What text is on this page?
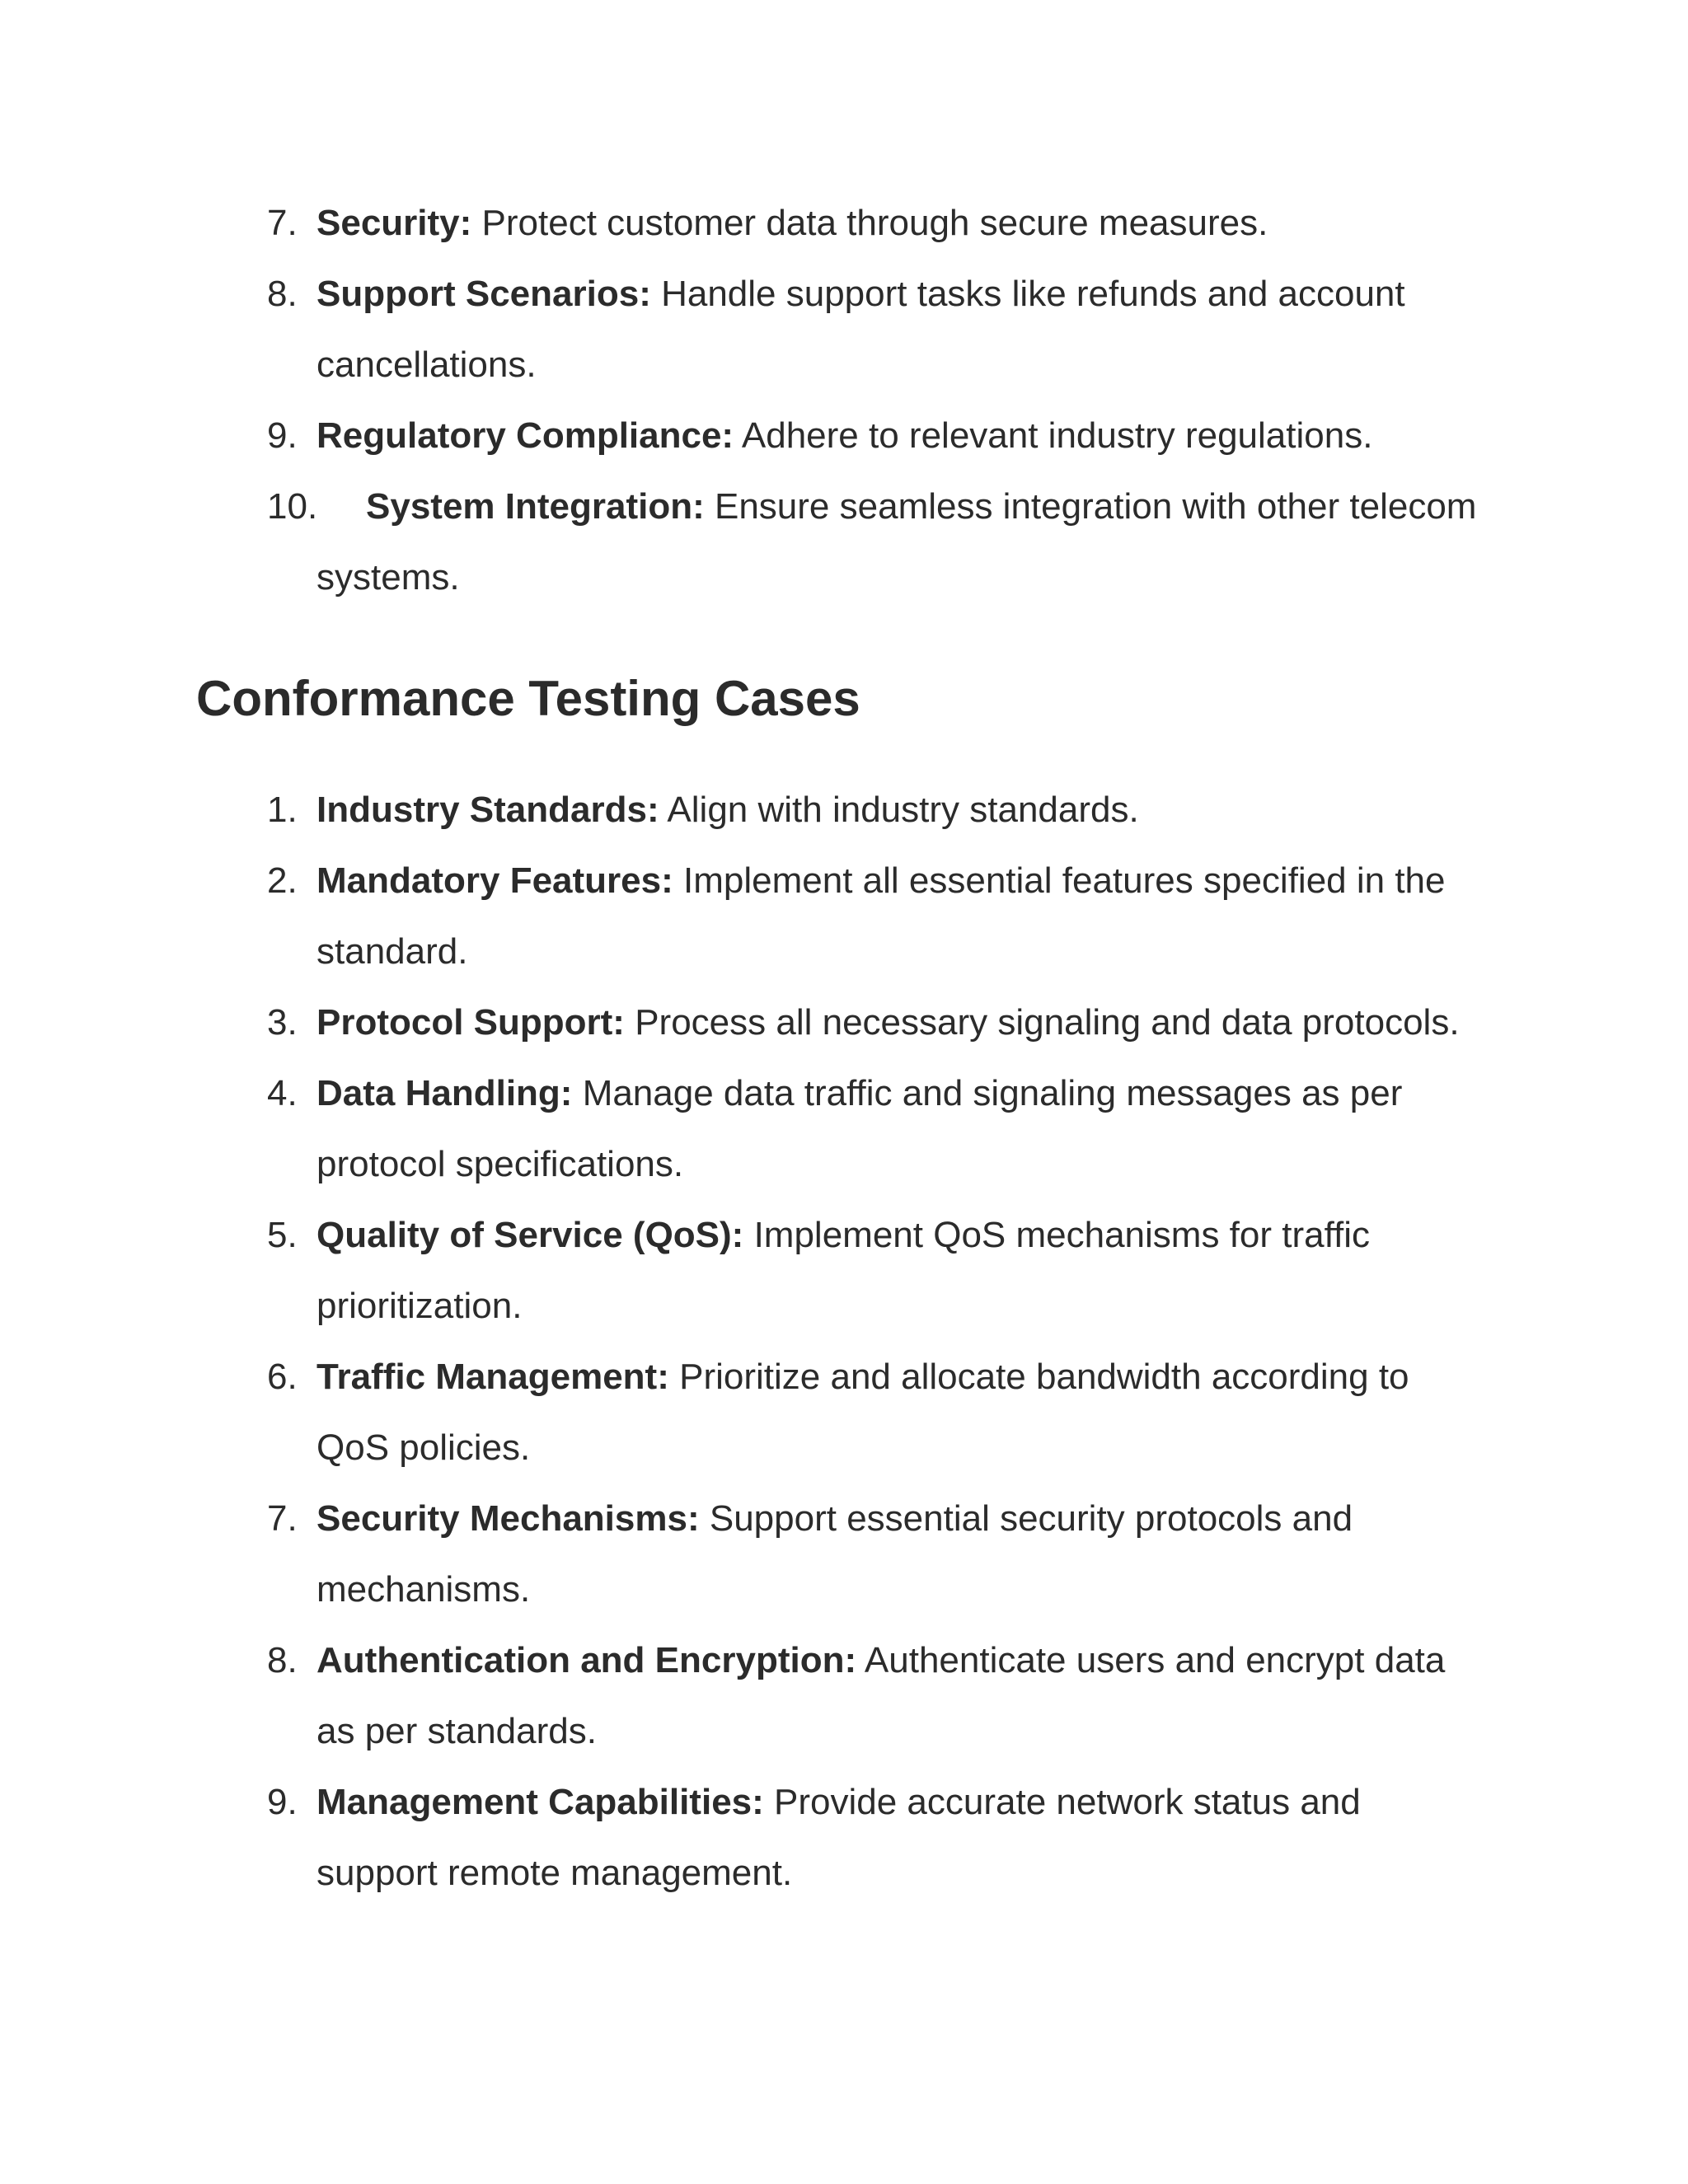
7. Security: Protect customer data through secure measures.
8. Support Scenarios: Handle support tasks like refunds and account cancellations.
9. Regulatory Compliance: Adhere to relevant industry regulations.
10. System Integration: Ensure seamless integration with other telecom systems.
Conformance Testing Cases
1. Industry Standards: Align with industry standards.
2. Mandatory Features: Implement all essential features specified in the standard.
3. Protocol Support: Process all necessary signaling and data protocols.
4. Data Handling: Manage data traffic and signaling messages as per protocol specifications.
5. Quality of Service (QoS): Implement QoS mechanisms for traffic prioritization.
6. Traffic Management: Prioritize and allocate bandwidth according to QoS policies.
7. Security Mechanisms: Support essential security protocols and mechanisms.
8. Authentication and Encryption: Authenticate users and encrypt data as per standards.
9. Management Capabilities: Provide accurate network status and support remote management.
